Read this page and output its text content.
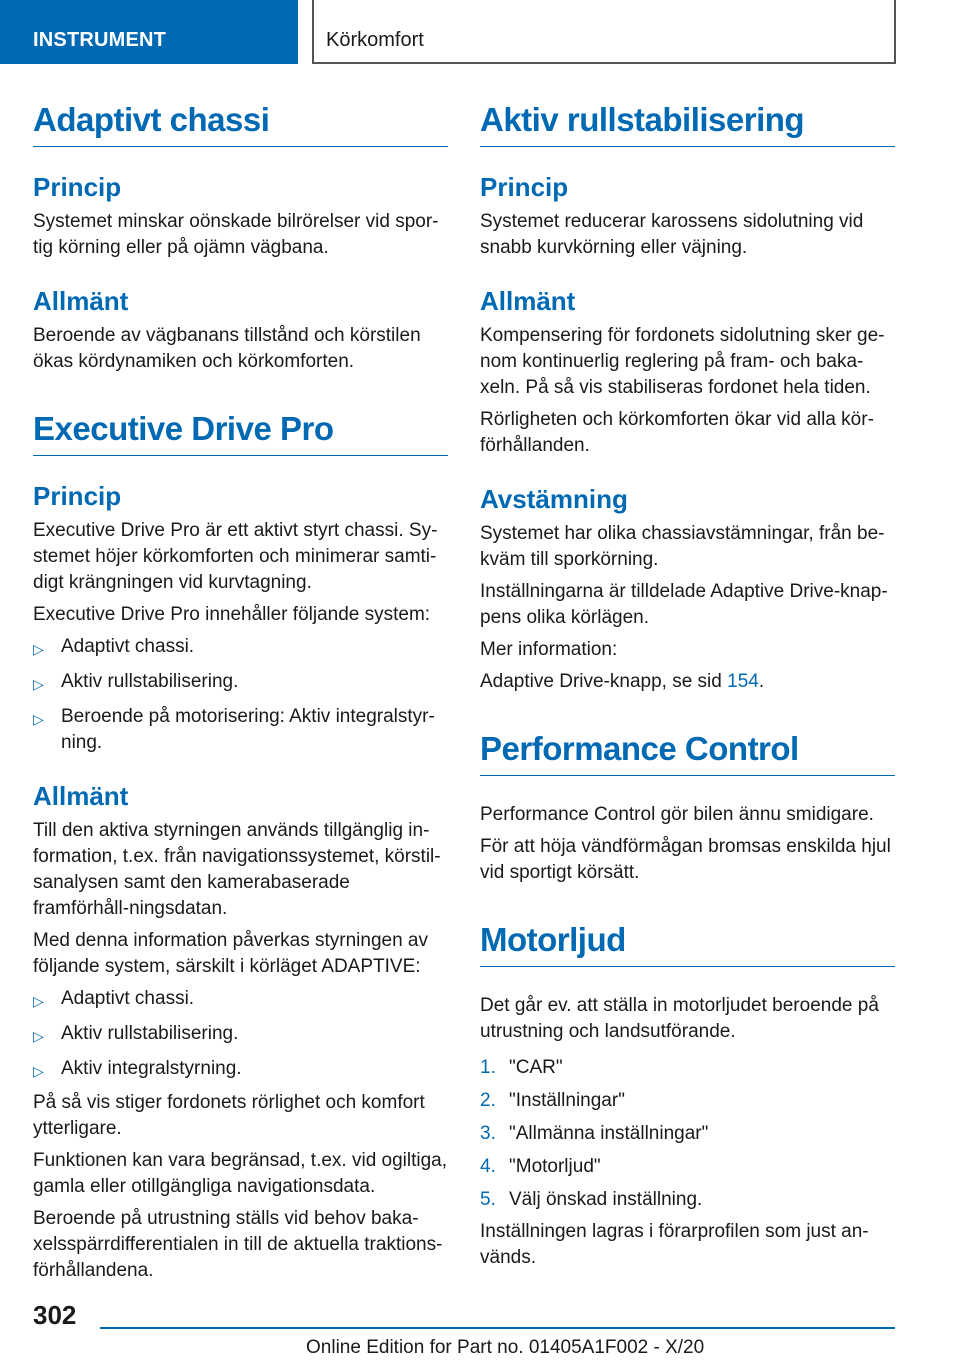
INSTRUMENT	Körkomfort
Adaptivt chassi
Princip
Systemet minskar oönskade bilrörelser vid spor-tig körning eller på ojämn vägbana.
Allmänt
Beroende av vägbanans tillstånd och körstilen ökas kördynamiken och körkomforten.
Executive Drive Pro
Princip
Executive Drive Pro är ett aktivt styrt chassi. Sy-stemet höjer körkomforten och minimerar samti-digt krängningen vid kurvtagning.
Executive Drive Pro innehåller följande system:
▷ Adaptivt chassi.
▷ Aktiv rullstabilisering.
▷ Beroende på motorisering: Aktiv integralstyr-ning.
Allmänt
Till den aktiva styrningen används tillgänglig in-formation, t.ex. från navigationssystemet, körstil-sanalysen samt den kamerabaserade framförhåll-ningsdatan.
Med denna information påverkas styrningen av följande system, särskilt i körläget ADAPTIVE:
▷ Adaptivt chassi.
▷ Aktiv rullstabilisering.
▷ Aktiv integralstyrning.
På så vis stiger fordonets rörlighet och komfort ytterligare.
Funktionen kan vara begränsad, t.ex. vid ogiltiga, gamla eller otillgängliga navigationsdata.
Beroende på utrustning ställs vid behov baka-xelsspärrdifferentialen in till de aktuella traktions-förhållandena.
Aktiv rullstabilisering
Princip
Systemet reducerar karossens sidolutning vid snabb kurvkörning eller väjning.
Allmänt
Kompensering för fordonets sidolutning sker ge-nom kontinuerlig reglering på fram- och baka-xeln. På så vis stabiliseras fordonet hela tiden.
Rörligheten och körkomforten ökar vid alla kör-förhållanden.
Avstämning
Systemet har olika chassiavstämningar, från be-kväm till sporkörning.
Inställningarna är tilldelade Adaptive Drive-knap-pens olika körlägen.
Mer information:
Adaptive Drive-knapp, se sid 154.
Performance Control
Performance Control gör bilen ännu smidigare.
För att höja vändförmågan bromsas enskilda hjul vid sportigt körsätt.
Motorljud
Det går ev. att ställa in motorljudet beroende på utrustning och landsutförande.
1. "CAR"
2. "Inställningar"
3. "Allmänna inställningar"
4. "Motorljud"
5. Välj önskad inställning.
Inställningen lagras i förarprofilen som just an-vänds.
302
Online Edition for Part no. 01405A1F002 - X/20
